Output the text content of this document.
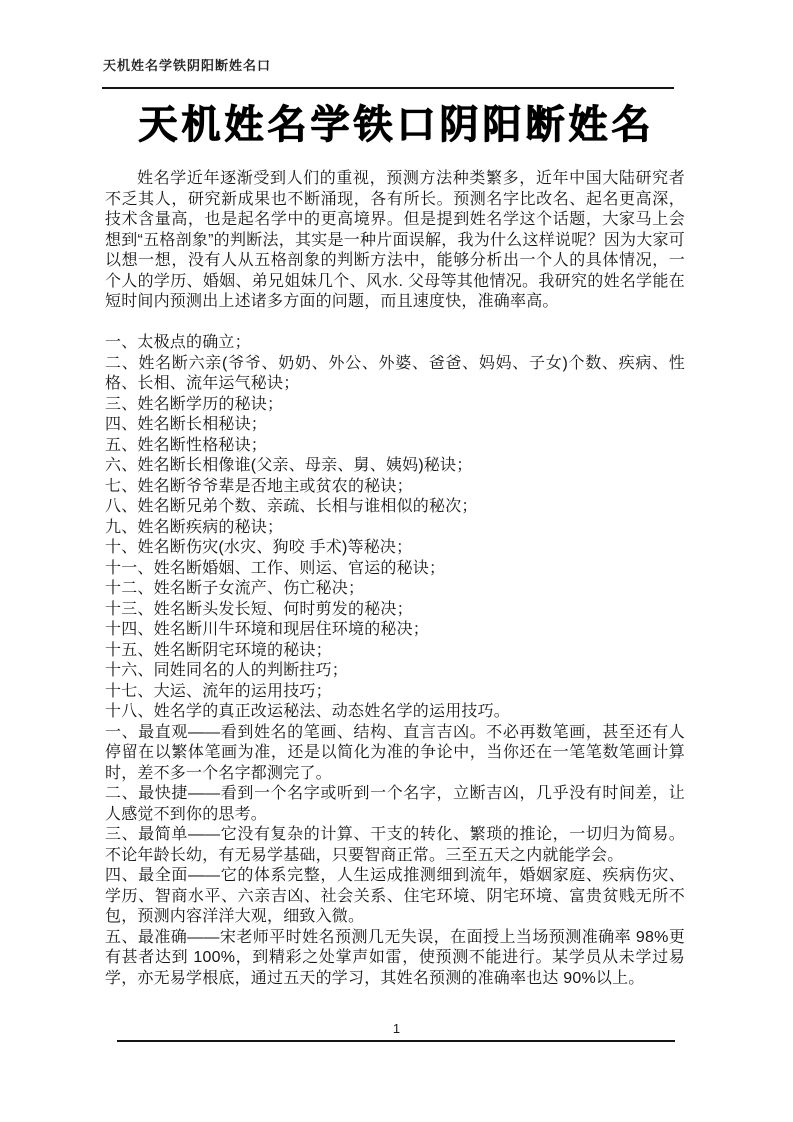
天机姓名学铁阴阳断姓名口
天机姓名学铁口阴阳断姓名

姓名学近年逐渐受到人们的重视，预测方法种类繁多，近年中国大陆研究者不乏其人，研究新成果也不断涌现，各有所长。预测名字比改名、起名更高深，技术含量高，也是起名学中的更高境界。但是提到姓名学这个话题，大家马上会想到“五格剖象”的判断法，其实是一种片面误解，我为什么这样说呢？因为大家可以想一想，没有人从五格剖象的判断方法中，能够分析出一个人的具体情况，一个人的学历、婚姻、弟兄姐妹几个、风水. 父母等其他情况。我研究的姓名学能在短时间内预测出上述诸多方面的问题，而且速度快，准确率高。

一、太极点的确立；

二、姓名断六亲(爷爷、奶奶、外公、外婆、爸爸、妈妈、子女)个数、疾病、性格、长相、流年运气秘诀；

三、姓名断学历的秘诀；

四、姓名断长相秘诀；

五、姓名断性格秘诀；

六、姓名断长相像谁(父亲、母亲、舅、姨妈)秘诀；

七、姓名断爷爷辈是否地主或贫农的秘诀；

八、姓名断兄弟个数、亲疏、长相与谁相似的秘次；

九、姓名断疾病的秘诀；

十、姓名断伤灾(水灾、狗咬 手术)等秘决；

十一、姓名断婚姻、工作、则运、官运的秘诀；

十二、姓名断子女流产、伤亡秘决；

十三、姓名断头发长短、何时剪发的秘决；

十四、姓名断川牛环境和现居住环境的秘决；

十五、姓名断阴宅环境的秘诀；

十六、同姓同名的人的判断拄巧；

十七、大运、流年的运用技巧；

十八、姓名学的真正改运秘法、动态姓名学的运用技巧。

一、最直观——看到姓名的笔画、结构、直言吉凶。不必再数笔画，甚至还有人停留在以繁体笔画为准，还是以简化为准的争论中，当你还在一笔笔数笔画计算时，差不多一个名字都测完了。

二、最快捷——看到一个名字或听到一个名字，立断吉凶，几乎没有时间差，让人感觉不到你的思考。

三、最简单——它没有复杂的计算、干支的转化、繁琐的推论，一切归为简易。不论年龄长幼，有无易学基础，只要智商正常。三至五天之内就能学会。

四、最全面——它的体系完整，人生运成推测细到流年，婚姻家庭、疾病伤灾、学历、智商水平、六亲吉凶、社会关系、住宅环境、阴宅环境、富贵贫贱无所不包，预测内容洋洋大观，细致入微。

五、最准确——宋老师平时姓名预测几无失误，在面授上当场预测准确率 98%更有甚者达到 100%，到精彩之处掌声如雷，使预测不能进行。某学员从未学过易学，亦无易学根底，通过五天的学习，其姓名预测的准确率也达 90%以上。

1
